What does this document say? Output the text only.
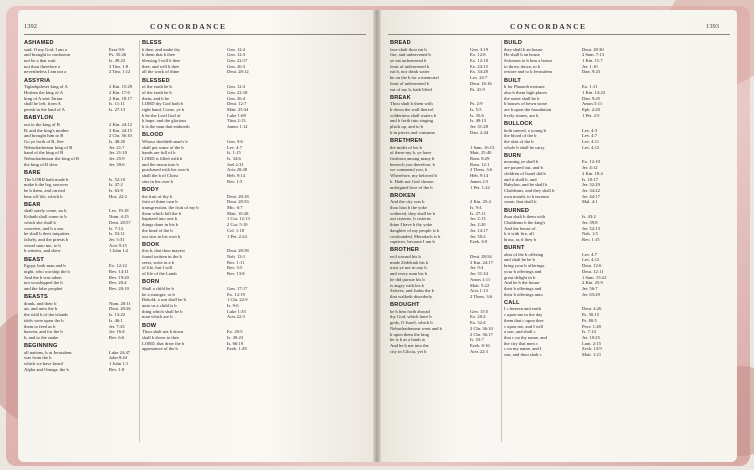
1392	CONCORDANCE	1393
CONCORDANCE
ASHAMED
said, O my God, I am a	Ezra 9:6
and brought to confusion	Ps. 35:26
not be a that wait	Is. 49:23
not thou therefore a	2 Tim. 1:8
nevertheless I am not a	2 Tim. 1:12
ASSYRIA
Tiglathpileser king of A	2 Kin. 15:29
Hoshea the king of A	2 Kin. 17:6
king of A sent Tartan	2 Kin. 18:17
shall be left, from A	Is. 11:11
perish in the land of A	Is. 27:13
BABYLON
out to the king of B	2 Kin. 24:12
B, and the king's mother	2 Kin. 24:15
and brought him to B	2 Chr. 36:10
Go ye forth of B, flee	Is. 48:20
Nebuchadrezzar king of B	Jer. 21:7
hand of the king of B	Jer. 21:10
Nebuchadrezzar the king of B	Jer. 25:9
the king of B slew	Jer. 39:6
BARE
The LORD hath made b	Is. 52:10
make b the leg, uncover	Is. 47:2
be b them, and carried	Is. 63:9
bear off life, which b	Hos. 22:2
BEAR
shall surely come, no b	Lev. 19:18
Kohath shall come to b	Num. 4:15
which she shall b	Deut. 28:57
conceive, and b a son	Is. 7:14
he shall b their iniquities	Is. 53:11
falsely, and the priests b	Jer. 5:31
vessel unto me, to b	Acts 9:15
b witness, and shew	1 John 1:2
BEAST
Egypt, both man and b	Ex. 12:12
night, who worship the b	Rev. 14:11
And the b was taken	Rev. 19:20
not worshipped the b	Rev. 20:4
and the false prophet	Rev. 20:10
BEASTS
drank, and their b	Num. 20:11
air, and unto the b	Deut. 28:26
the wild b of the islands	Is. 13:22
idols were upon the b	Is. 46:1
them to feed as b	Jer. 7:33
heaven, and for the b	Jer. 16:4
b, and to the snake	Rev. 6:6
BEGINNING
all nations, b at Jerusalem	Luke 24:47
was from the b	John 8:44
which we have heard	1 John 1:1
Alpha and Omega, the b	Rev. 1:8
BLESS
b thee, and make thy	Gen. 12:2
b them that b thee	Gen. 12:3
blessing I will b thee	Gen. 22:17
thee, and will b thee	Gen. 26:3
all the work of thine	Deut. 28:12
BLESSED
of the earth be b	Gen. 12:3
of the earth be b	Gen. 22:18
them, and b be	Gen. 26:4
LORD thy God hath b	Deut. 12:7
right hand, Come, ye b	Matt. 25:34
b be the Lord God of	Luke 1:68
b hope, and the glorious	Titus 2:13
b is the man that endureth	James 1:12
BLOOD
Whoso sheddeth man's b	Gen. 9:6
shall put some of the b	Lev. 4:7
hands are full of b	Is. 1:15
LORD is filled with b	Is. 34:6
and the moon into b	Joel 2:31
purchased with his own b	Acts 20:28
shall the b of Christ	Heb. 9:14
sins in his own b	Rev. 1:5
BODY
the fruit of thy b	Deut. 28:18
fruit of thine own b	Deut. 28:53
transgression, the fruit of my b	Mic. 6:7
them which kill the b	Matt. 10:28
baptized into one b	1 Cor. 12:13
things done in his b	2 Cor. 5:10
the head of the b	Col. 1:18
our sins in his own b	1 Pet. 2:24
BOOK
this b, that thou mayest	Deut. 28:58
found written in the b	Neh. 13:1
seest, write in a b	Rev. 1:11
of life, but I will	Rev. 3:5
of life of the Lamb	Rev. 13:8
BORN
Shall a child be b	Gen. 17:17
be a stranger, or b	Ex. 12:19
Behold, a son shall be b	1 Chr. 22:9
unto us a child is b	Is. 9:6
thing which shall be b	Luke 1:35
man which are b	Acts 22:3
BOW
Thou shalt not b down	Ex. 20:5
shall b down to thee	Is. 49:23
LORD, that draw the b	Is. 66:19
appearance of the b	Ezek. 1:28
BREAD
face shalt thou eat b	Gen. 3:19
fire, and unleavened b	Ex. 12:8
ye eat unleavened b	Ex. 12:18
feast of unleavened b	Ex. 23:15
eat b, nor drink water	Ex. 34:28
be on the b for a memorial	Lev. 24:7
feast of unleavened b	Deut. 16:16
eat of my b, hath lifted	Ps. 41:9
BREAK
Thou shalt b them with	Ps. 2:9
b down the wall thereof	Is. 5:5
wilderness shall waters b	Is. 35:6
and b forth into singing	Is. 49:13
pluck up, and to b	Jer. 31:28
b in pieces and consume	Dan. 2:44
BRETHREN
the midst of his b	1 Sam. 16:13
of these my b, ye have	Matt. 25:40
firstborn among many b	Rom. 8:29
beseech you therefore, b	Rom. 12:1
we commend you, b	2 Thess. 3:6
Wherefore, my beloved b	Heb. 9:14
b. Hath not God chosen	James 2:5
unfeigned love of the b	1 Pet. 1:22
BROKEN
And the city was b	2 Kin. 25:4
thou hast b the yoke	Is. 9:4
withered, they shall be b	Is. 27:11
out cisterns, b cisterns	Jer. 2:13
thine I have b thy yoke	Jer. 2:20
daughter of my people is b	Jer. 14:17
confounded, Merodach is b	Jer. 50:2
captives, because I am b	Ezek. 6:9
BROTHER
evil toward his b	Deut. 28:54
made Zedekiah his b	2 Kin. 24:17
trust ye not in any b	Jer. 9:4
and every man his b	Jer. 31:34
he did pursue his b	Amos 1:11
is angry with his b	Matt. 5:22
Zelotes, and Judas the b	Acts 1:13
that walketh disorderly	2 Thess. 3:6
BROUGHT
he b him forth abroad	Gen. 15:5
thy God, which have b	Ex. 20:2
gods, O Israel, which b	Ex. 32:4
Nebuchadnezzar went and b	2 Chr. 36:10
b upon them the king	2 Chr. 36:17
he is b as a lamb to	Is. 53:7
And he b me into the	Ezek. 8:16
city in Cilicia, yet b	Acts 22:3
BUILD
they shall b an house	Deut. 28:30
He shall b an house	2 Sam. 7:13
Solomon to b him a house	1 Kin. 11:7
to throw down, to b	Jer. 1:10
restore and to b Jerusalem	Dan. 9:25
BUILT
b for Pharaoh treasure	Ex. 1:11
also b them high places	1 Kin. 14:23
the street shall be b	Dan. 9:25
b houses of hewn stone	Amos 5:11
are b upon the foundation	Eph. 2:20
lively stones, are b	1 Pet. 2:5
BULLOCK
both unwed, a young b	Lev. 4:3
the blood of the b	Lev. 4:7
the skin of the b	Lev. 4:11
whole b shall he carry	Lev. 4:12
BURN
morning ye shall b	Ex. 12:10
are poured out, and b	Jer. 4:12
children of Israel did b	2 Kin. 18:4
and it shall b, and	Is. 10:17
Babylon, and he shall b	Jer. 32:29
Chaldeans, and they shall b	Jer. 34:22
own mouth, to b incense	Jer. 44:17
come, that shall b	Mal. 4:1
BURNED
thou shalt b them with	Is. 43:2
Chaldeans b the king's	Jer. 39:8
And the house of	Jer. 52:13
b it with fire, all	Nah. 1:5
brass, as if they b	Rev. 1:15
BURNT
altar of the b offering	Lev. 4:7
and shalt he be b	Lev. 4:12
bring your b offerings	Deut. 12:6
your b offerings and	Deut. 12:11
great delight in b	1 Sam. 15:22
And he b the house	2 Kin. 25:9
their b offerings and	Jer. 56:7
their b offerings unto	Jer. 63:29
CALL
I c heaven and earth	Deut. 4:26
c upon me in the day	Ps. 50:15
them that c upon thee	Ps. 80:5
c upon me, and I will	Prov. 1:28
a son, and shall c	Is. 7:14
that c on thy name, and	Jer. 10:25
the city that men c	Lam. 2:15
c on my name, and I	Zech. 13:9
son, and thou shalt c	Matt. 1:21
